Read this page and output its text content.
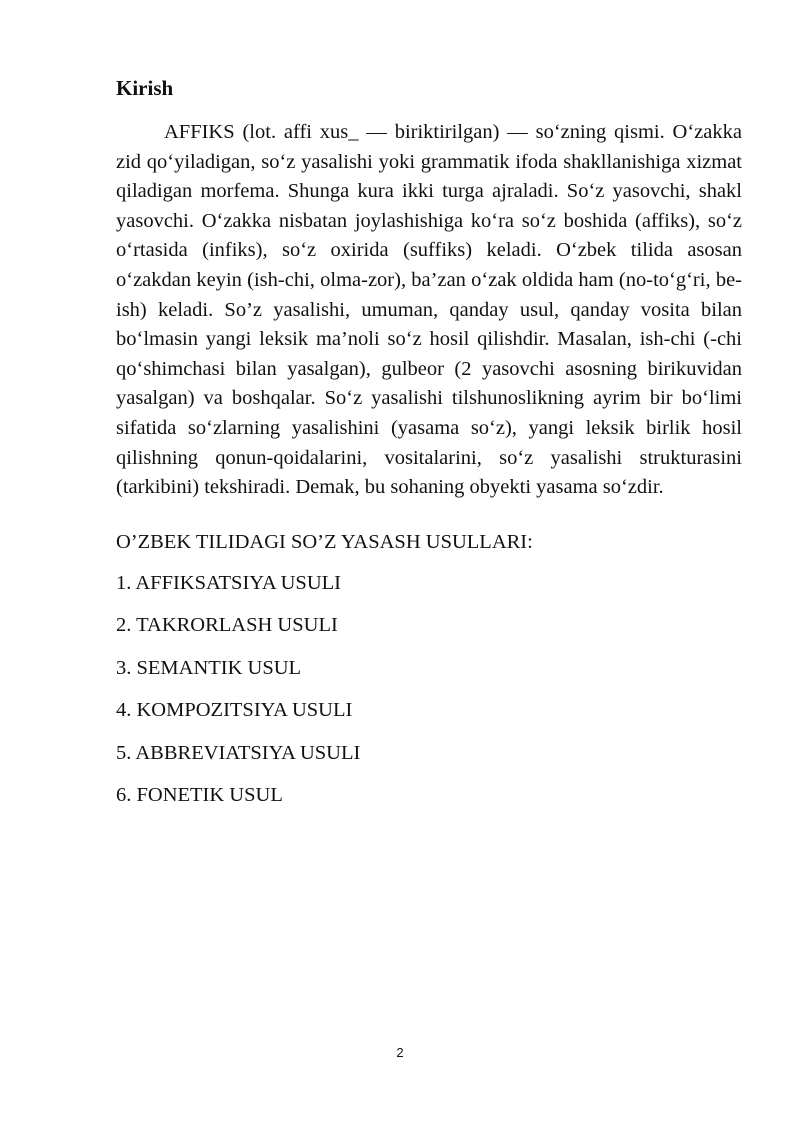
Kirish

AFFIKS (lot. affi xus_ — biriktirilgan) — so‘zning qismi. O‘zakka zid qo‘yiladigan, so‘z yasalishi yoki grammatik ifoda shakllanishiga xizmat qiladigan morfema. Shunga kura ikki turga ajraladi. So‘z yasovchi, shakl yasovchi. O‘zakka nisbatan joylashishiga ko‘ra so‘z boshida (affiks), so‘z o‘rtasida (infiks), so‘z oxirida (suffiks) keladi. O‘zbek tilida asosan o‘zakdan keyin (ish-chi, olma-zor), ba’zan o‘zak oldida ham (no-to‘g‘ri, be-ish) keladi. So’z yasalishi, umuman, qanday usul, qanday vosita bilan bo‘lmasin yangi leksik ma’noli so‘z hosil qilishdir. Masalan, ish-chi (-chi qo‘shimchasi bilan yasalgan), gulbeor (2 yasovchi asosning birikuvidan yasalgan) va boshqalar. So‘z yasalishi tilshunoslikning ayrim bir bo‘limi sifatida so‘zlarning yasalishini (yasama so‘z), yangi leksik birlik hosil qilishning qonun-qoidalarini, vositalarini, so‘z yasalishi strukturasini (tarkibini) tekshiradi. Demak, bu sohaning obyekti yasama so‘zdir.

O’ZBEK TILIDAGI SO’Z YASASH USULLARI:

1. AFFIKSATSIYA USULI
2. TAKRORLASH USULI
3. SEMANTIK USUL
4. KOMPOZITSIYA USULI
5. ABBREVIATSIYA USULI
6. FONETIK USUL
2
